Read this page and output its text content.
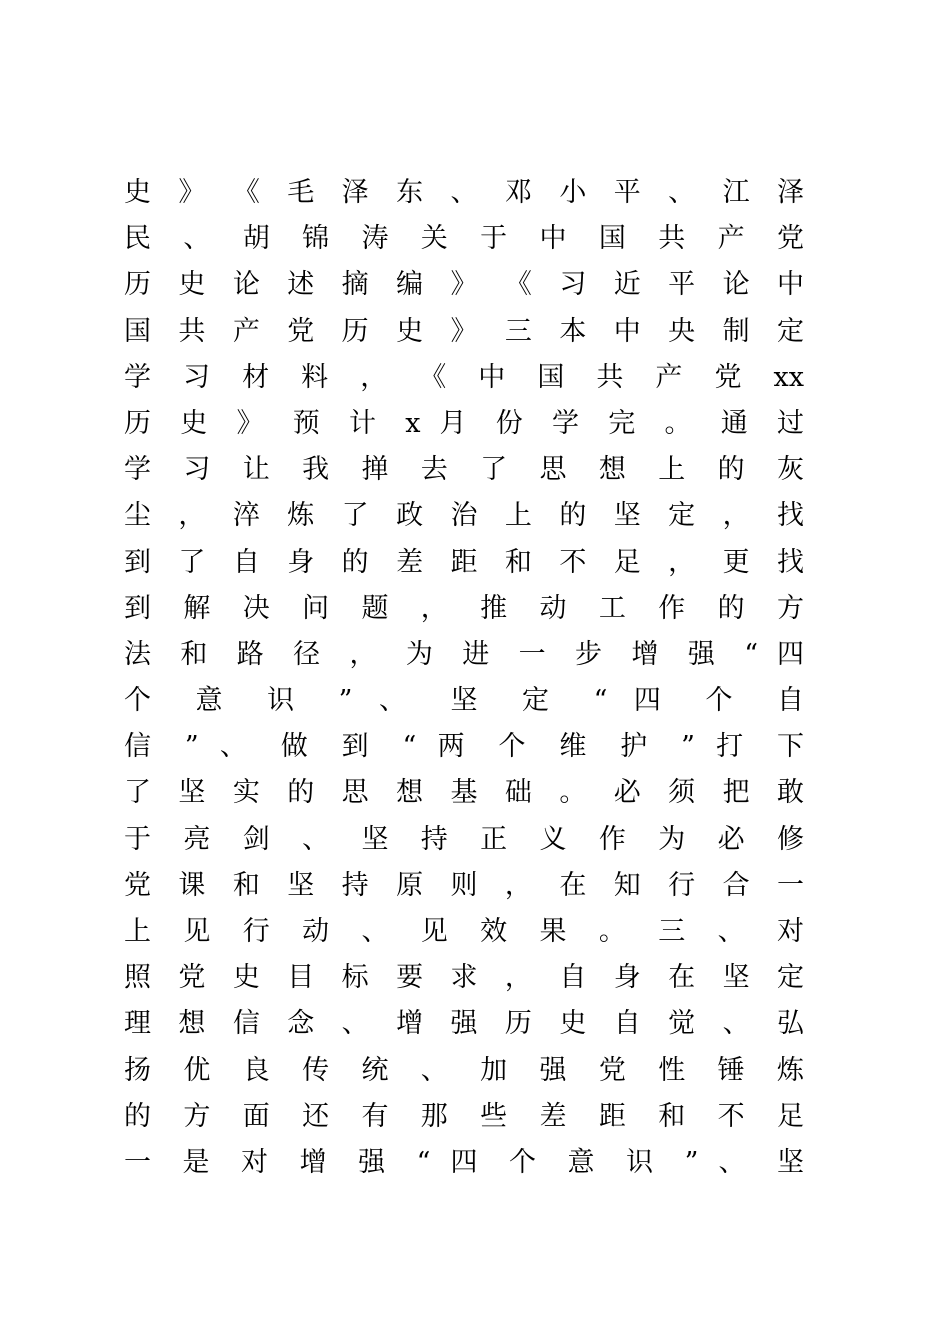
史 》 《 毛 泽 东 、 邓 小 平 、 江 泽
民 、 胡 锦 涛 关 于 中 国 共 产 党
历 史 论 述 摘 编 》 《 习 近 平 论 中
国 共 产 党 历 史 》 三 本 中 央 制 定
学 习 材 料 ， 《 中 国 共 产 党 xx
历 史 》 预 计 x 月 份 学 完 。 通 过
学 习 让 我 掸 去 了 思 想 上 的 灰
尘 ， 淬 炼 了 政 治 上 的 坚 定 ， 找
到 了 自 身 的 差 距 和 不 足 ， 更 找
到 解 决 问 题 ， 推 动 工 作 的 方
法 和 路 径 ， 为 进 一 步 增 强 “ 四
个 意 识 ” 、 坚 定 “ 四 个 自
信 ” 、 做 到 “ 两 个 维 护 ” 打 下
了 坚 实 的 思 想 基 础 。 必 须 把 敢
于 亮 剑 、 坚 持 正 义 作 为 必 修
党 课 和 坚 持 原 则 ， 在 知 行 合 一
上 见 行 动 、 见 效 果 。 三 、 对
照 党 史 目 标 要 求 ， 自 身 在 坚 定
理 想 信 念 、 增 强 历 史 自 觉 、 弘
扬 优 良 传 统 、 加 强 党 性 锤 炼
的 方 面 还 有 那 些 差 距 和 不 足
一 是 对 增 强 “ 四 个 意 识 ” 、 坚
